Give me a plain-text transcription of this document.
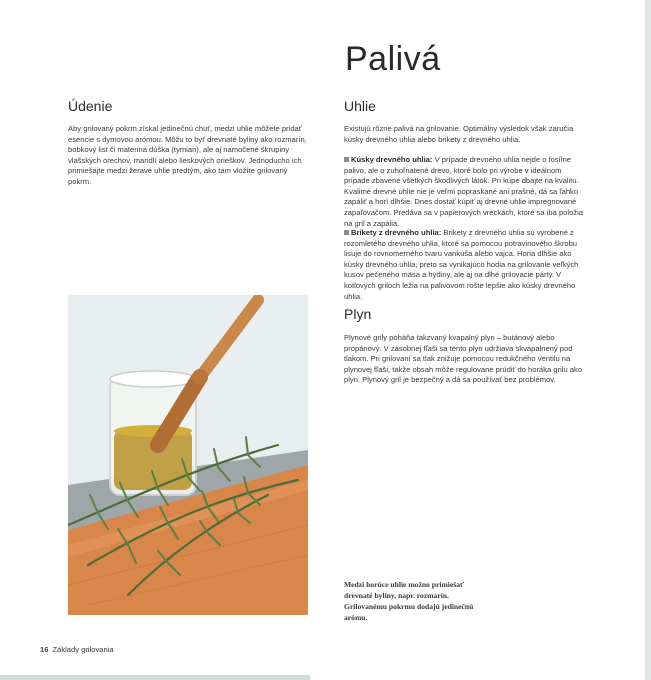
Palivá
Údenie

Aby grilovaný pokrm získal jedinečnú chuť, medzi uhlie môžete pridať esencie s dymovou arómou. Môžu to byť drevnaté byliny ako rozmarín, bobkový list či materina dúška (tymian), ale aj namočené škrupiny vlašských orechov, mandlí alebo lieskových orieškov. Jednoducho ich primiešajte medzi žeravé uhlie predtým, ako tam vložíte grilovaný pokrm.

Uhlie

Existujú rôzne palivá na grilovanie. Optimálny výsledok však zaručia kúsky drevného uhlia alebo brikety z drevného uhlia.

Kúsky drevného uhlia: V prípade drevného uhlia nejde o fosílne palivo, ale o zuhoľnatené drevo, ktoré bolo pri výrobe v ideálnom prípade zbavené všetkých škodlivých látok. Pri kúpe dbajte na kvalitu. Kvalitné drevné uhlie nie je veľmi popraskané ani prašné, dá sa ľahko zapáliť a horí dlhšie. Dnes dostať kúpiť aj drevné uhlie impregnované zapaľovačom. Predáva sa v papierových vreckách, ktoré sa iba položia na gril a zapália.

Brikety z drevného uhlia: Brikety z drevného uhlia sú vyrobené z rozomletého drevného uhlia, ktoré sa pomocou potravinového škrobu lisuje do rovnomerného tvaru vankúša alebo vajca. Horia dlhšie ako kúsky drevného uhlia, preto sa vynikajúco hodia na grilovanie veľkých kusov pečeného mäsa a hydiny, ale aj na dlhé grilovacie párty. V kotlových griloch ležia na palivovom rošte lepšie ako kúsky drevného uhlia.

Plyn

Plynové grily poháňa takzvaný kvapalný plyn – butánový alebo propánový. V zásobnej fľaši sa tento plyn udržiava skvapalnený pod tlakom. Pri grilovaní sa tlak znižuje pomocou redukčného ventilu na plynovej fľaši, takže obsah môže regulovane prúdiť do horáka grilu ako plyn. Plynový gril je bezpečný a dá sa používať bez problémov.

Medzi horúce uhlie možno primiešať drevnaté byliny, napr. rozmarín. Grilovanému pokrmu dodajú jedinečnú arómu.
16 Základy grilovania
